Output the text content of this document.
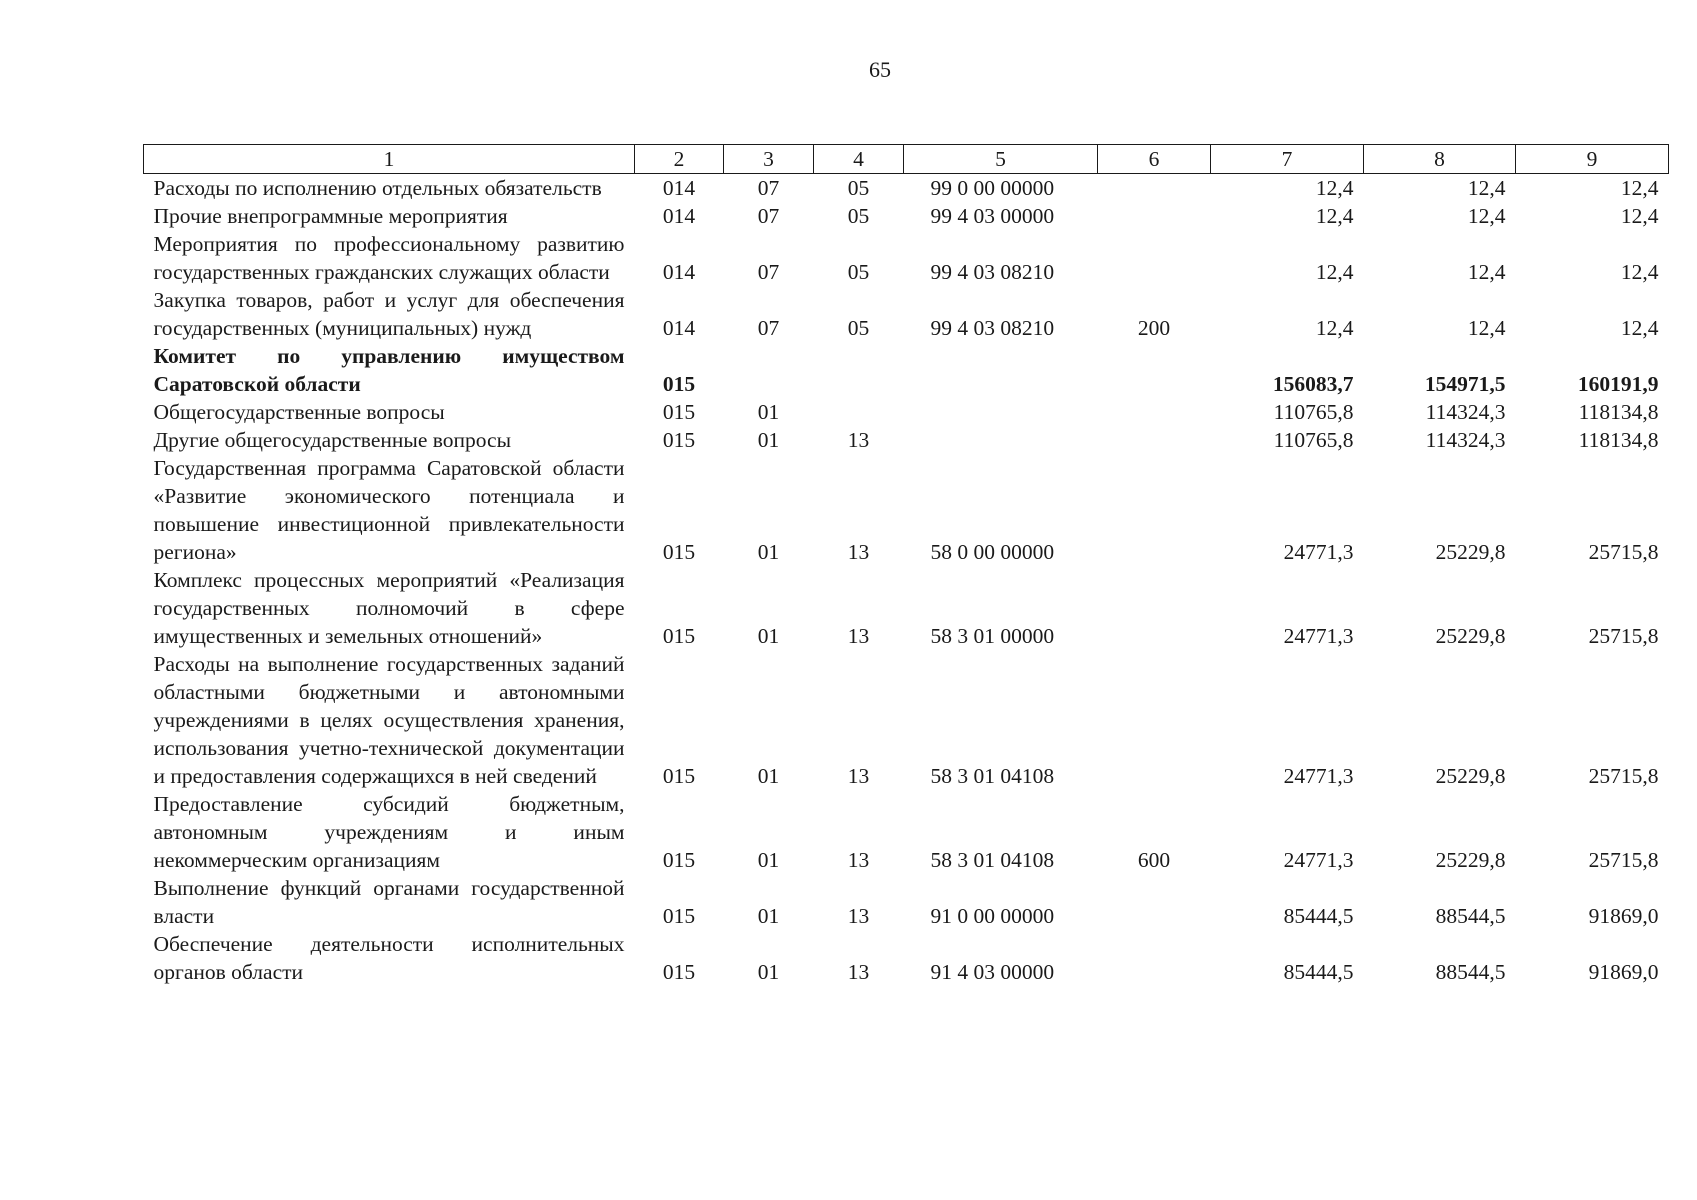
65
1	2	3	4	5	6	7	8	9
Расходы по исполнению отдельных обязательств	014	07	05	99 0 00 00000		12,4	12,4	12,4
Прочие внепрограммные мероприятия	014	07	05	99 4 03 00000		12,4	12,4	12,4
Мероприятия по профессиональному развитию государственных гражданских служащих области	014	07	05	99 4 03 08210		12,4	12,4	12,4
Закупка товаров, работ и услуг для обеспечения государственных (муниципальных) нужд	014	07	05	99 4 03 08210	200	12,4	12,4	12,4
Комитет по управлению имуществом Саратовской области	015					156083,7	154971,5	160191,9
Общегосударственные вопросы	015	01				110765,8	114324,3	118134,8
Другие общегосударственные вопросы	015	01	13			110765,8	114324,3	118134,8
Государственная программа Саратовской области «Развитие экономического потенциала и повышение инвестиционной привлекательности региона»	015	01	13	58 0 00 00000		24771,3	25229,8	25715,8
Комплекс процессных мероприятий «Реализация государственных полномочий в сфере имущественных и земельных отношений»	015	01	13	58 3 01 00000		24771,3	25229,8	25715,8
Расходы на выполнение государственных заданий областными бюджетными и автономными учреждениями в целях осуществления хранения, использования учетно-технической документации и предоставления содержащихся в ней сведений	015	01	13	58 3 01 04108		24771,3	25229,8	25715,8
Предоставление субсидий бюджетным, автономным учреждениям и иным некоммерческим организациям	015	01	13	58 3 01 04108	600	24771,3	25229,8	25715,8
Выполнение функций органами государственной власти	015	01	13	91 0 00 00000		85444,5	88544,5	91869,0
Обеспечение деятельности исполнительных органов области	015	01	13	91 4 03 00000		85444,5	88544,5	91869,0
